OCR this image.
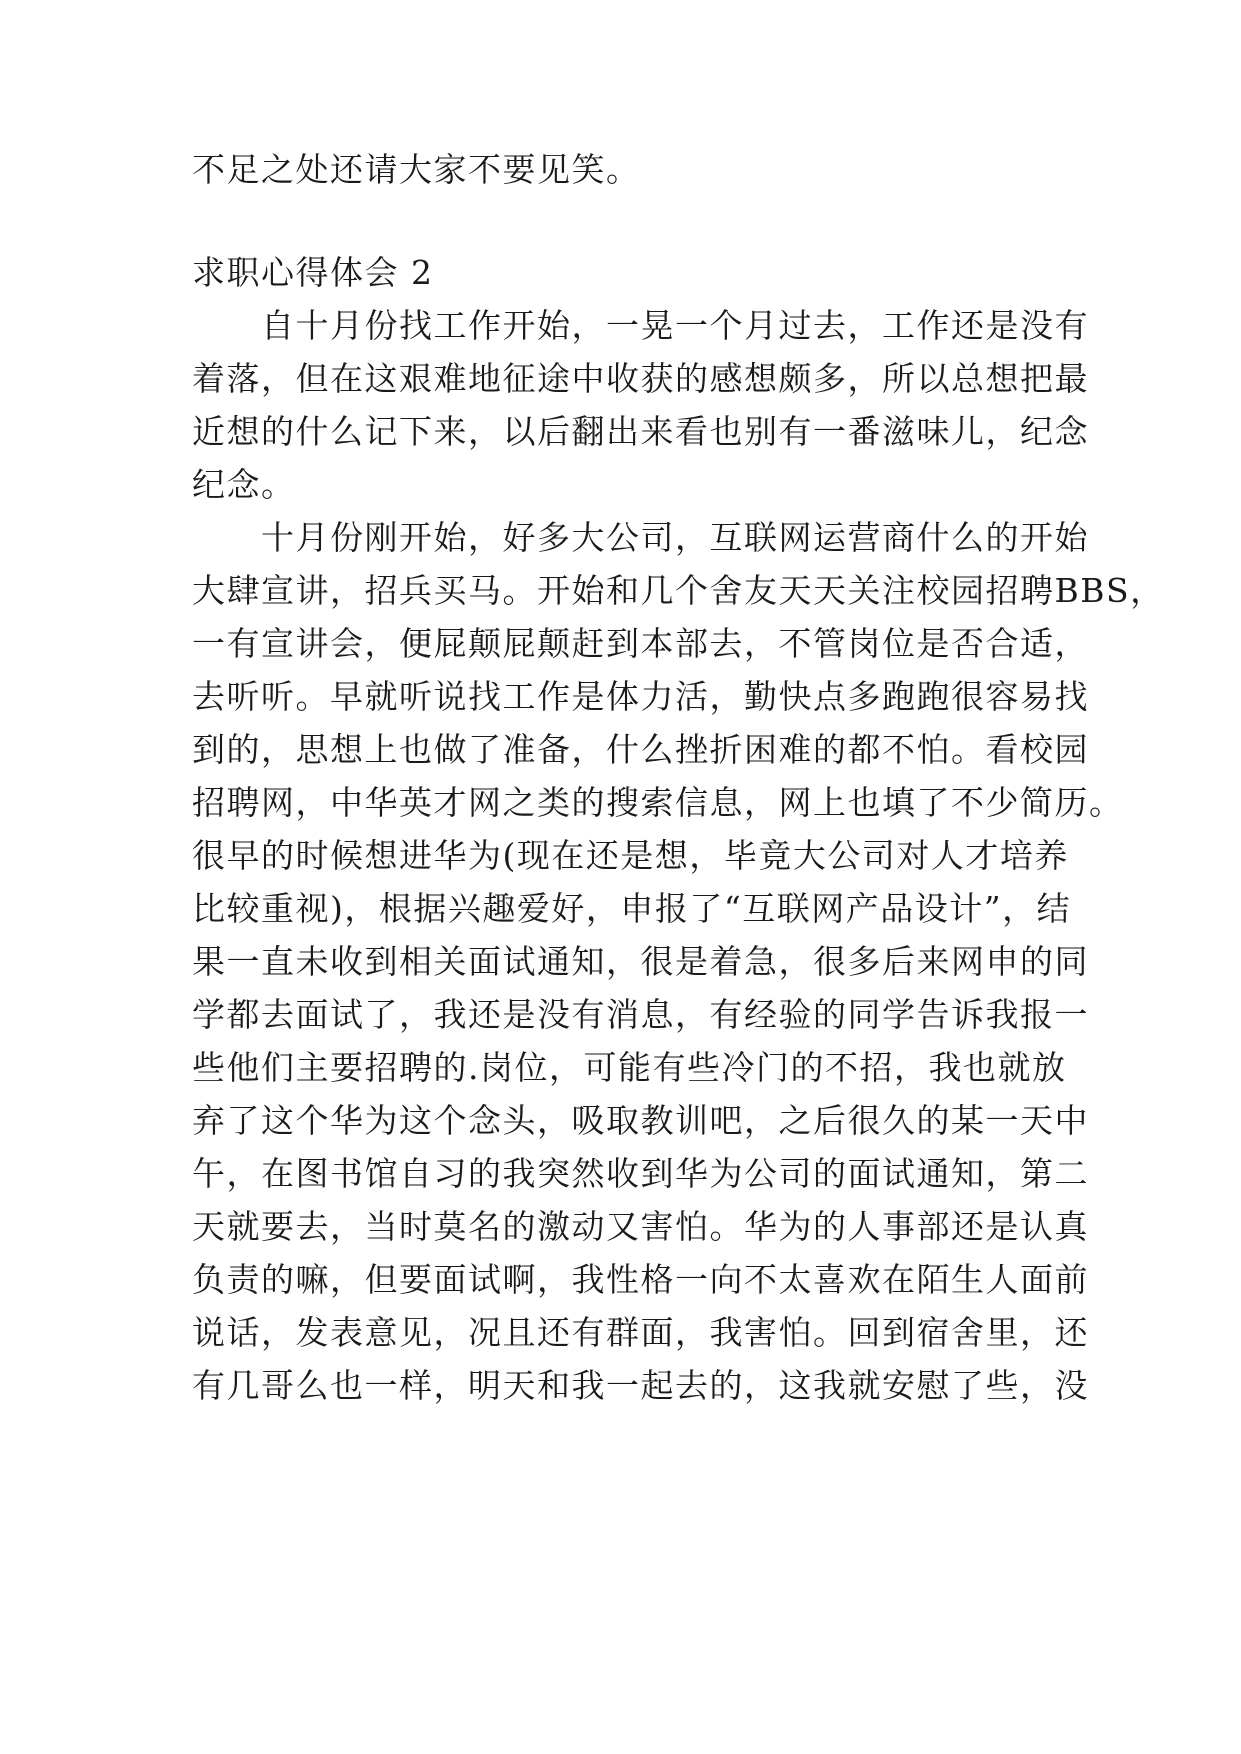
不足之处还请大家不要见笑。
求职心得体会 2
　　自十月份找工作开始，一晃一个月过去，工作还是没有
着落，但在这艰难地征途中收获的感想颇多，所以总想把最
近想的什么记下来，以后翻出来看也别有一番滋味儿，纪念
纪念。
　　十月份刚开始，好多大公司，互联网运营商什么的开始
大肆宣讲，招兵买马。开始和几个舍友天天关注校园招聘BBS，
一有宣讲会，便屁颠屁颠赶到本部去，不管岗位是否合适，
去听听。早就听说找工作是体力活，勤快点多跑跑很容易找
到的，思想上也做了准备，什么挫折困难的都不怕。看校园
招聘网，中华英才网之类的搜索信息，网上也填了不少简历。
很早的时候想进华为(现在还是想，毕竟大公司对人才培养
比较重视)，根据兴趣爱好，申报了“互联网产品设计”，结
果一直未收到相关面试通知，很是着急，很多后来网申的同
学都去面试了，我还是没有消息，有经验的同学告诉我报一
些他们主要招聘的.岗位，可能有些冷门的不招，我也就放
弃了这个华为这个念头，吸取教训吧，之后很久的某一天中
午，在图书馆自习的我突然收到华为公司的面试通知，第二
天就要去，当时莫名的激动又害怕。华为的人事部还是认真
负责的嘛，但要面试啊，我性格一向不太喜欢在陌生人面前
说话，发表意见，况且还有群面，我害怕。回到宿舍里，还
有几哥么也一样，明天和我一起去的，这我就安慰了些，没
